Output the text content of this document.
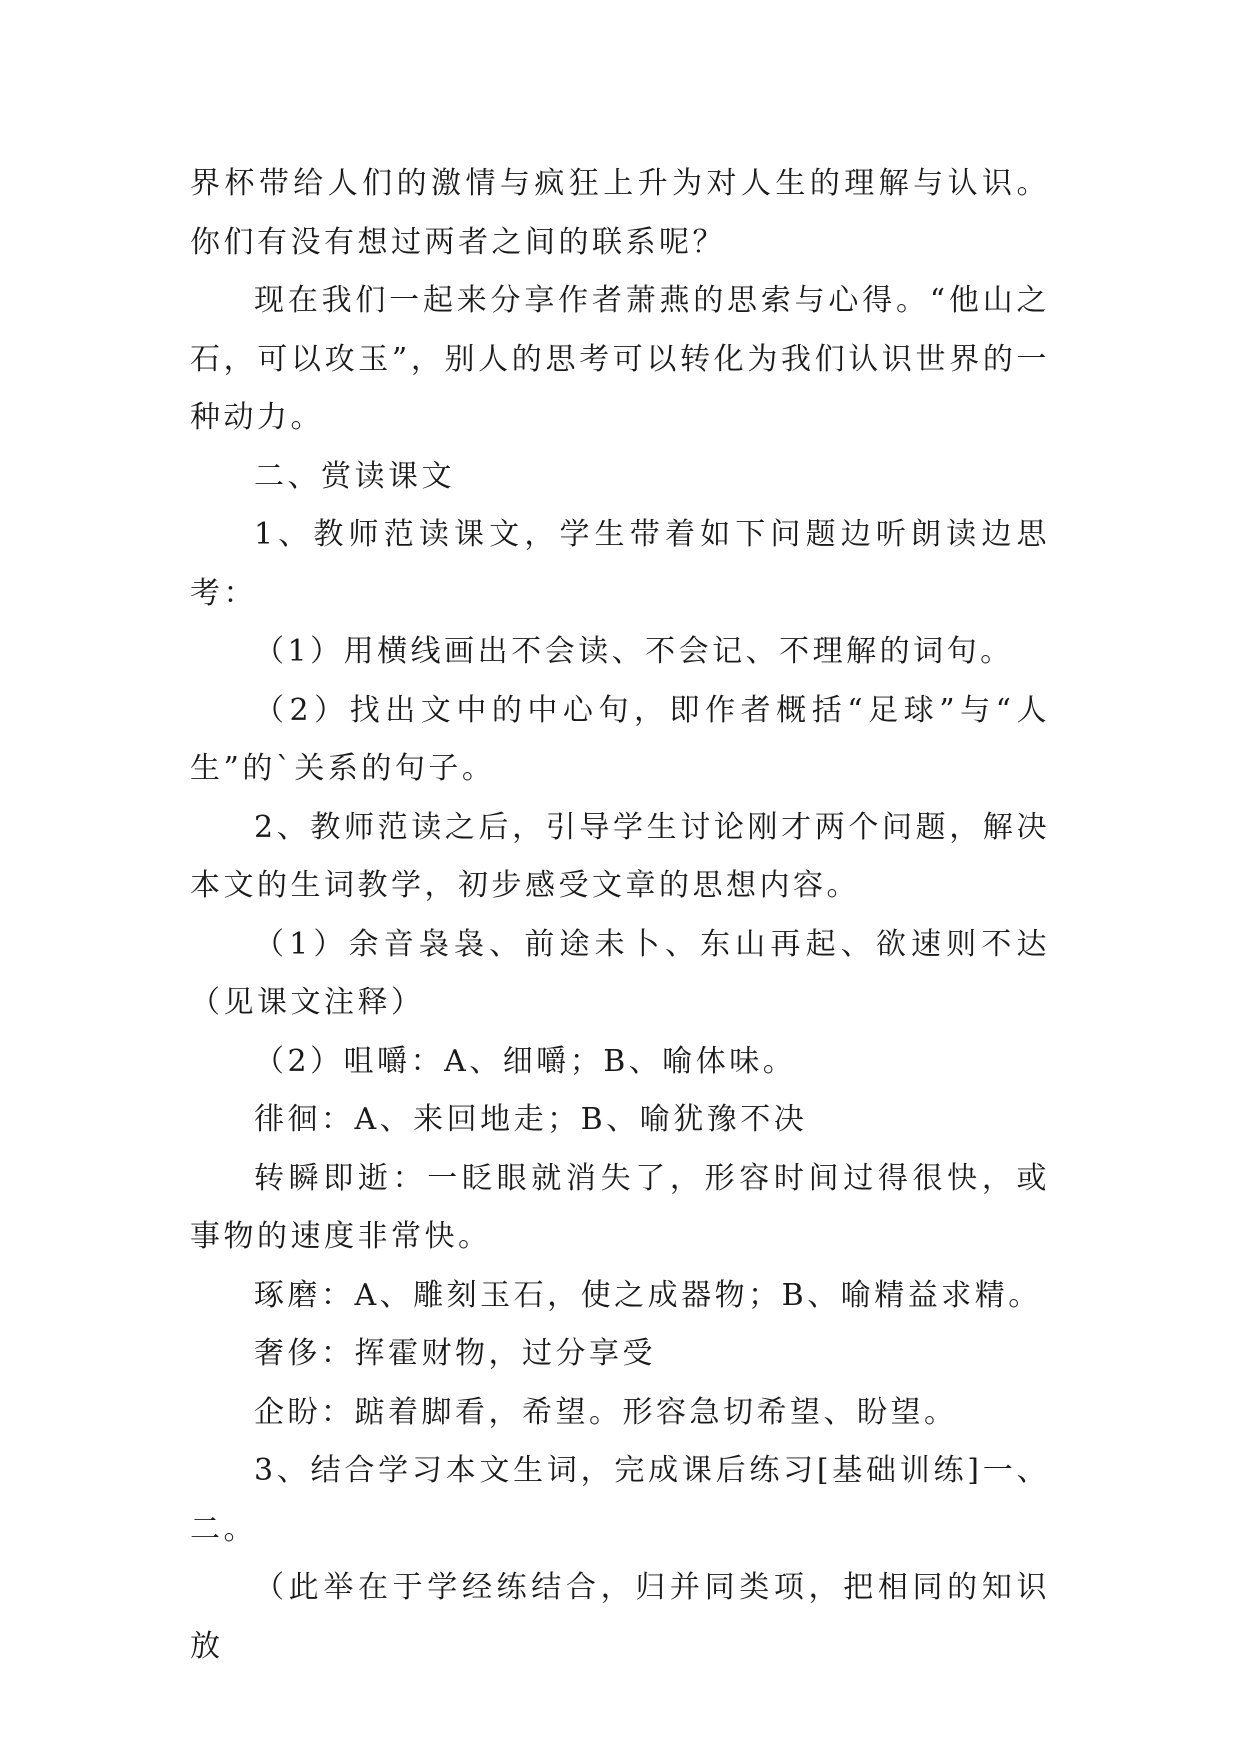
界杯带给人们的激情与疯狂上升为对人生的理解与认识。你们有没有想过两者之间的联系呢？

现在我们一起来分享作者萧燕的思索与心得。“他山之石，可以攻玉”，别人的思考可以转化为我们认识世界的一种动力。

二、赏读课文

1、教师范读课文，学生带着如下问题边听朗读边思考：

（1）用横线画出不会读、不会记、不理解的词句。

（2）找出文中的中心句，即作者概括“足球”与“人生”的`关系的句子。

2、教师范读之后，引导学生讨论刚才两个问题，解决本文的生词教学，初步感受文章的思想内容。

（1）余音袅袅、前途未卜、东山再起、欲速则不达（见课文注释）

（2）咀嚼：A、细嚼；B、喻体味。

徘徊：A、来回地走；B、喻犹豫不决

转瞬即逝：一眨眼就消失了，形容时间过得很快，或事物的速度非常快。

琢磨：A、雕刻玉石，使之成器物；B、喻精益求精。

奢侈：挥霍财物，过分享受

企盼：踮着脚看，希望。形容急切希望、盼望。

3、结合学习本文生词，完成课后练习[基础训练]一、二。

（此举在于学经练结合，归并同类项，把相同的知识放
